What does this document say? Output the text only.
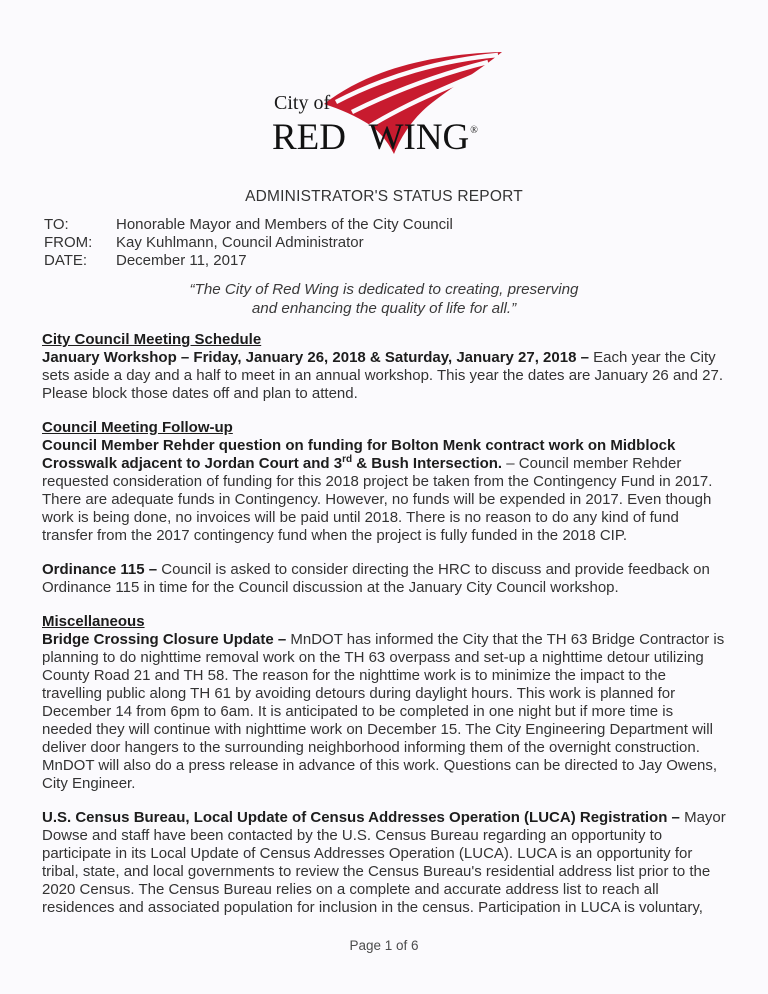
City of
RED WING®
ADMINISTRATOR'S STATUS REPORT
TO:	Honorable Mayor and Members of the City Council
FROM:	Kay Kuhlmann, Council Administrator
DATE:	December 11, 2017
“The City of Red Wing is dedicated to creating, preserving
and enhancing the quality of life for all.”
City Council Meeting Schedule

January Workshop – Friday, January 26, 2018 & Saturday, January 27, 2018 – Each year the City sets aside a day and a half to meet in an annual workshop. This year the dates are January 26 and 27. Please block those dates off and plan to attend.

Council Meeting Follow-up

Council Member Rehder question on funding for Bolton Menk contract work on Midblock Crosswalk adjacent to Jordan Court and 3rd & Bush Intersection. – Council member Rehder requested consideration of funding for this 2018 project be taken from the Contingency Fund in 2017. There are adequate funds in Contingency. However, no funds will be expended in 2017. Even though work is being done, no invoices will be paid until 2018. There is no reason to do any kind of fund transfer from the 2017 contingency fund when the project is fully funded in the 2018 CIP.

Ordinance 115 – Council is asked to consider directing the HRC to discuss and provide feedback on Ordinance 115 in time for the Council discussion at the January City Council workshop.

Miscellaneous

Bridge Crossing Closure Update – MnDOT has informed the City that the TH 63 Bridge Contractor is planning to do nighttime removal work on the TH 63 overpass and set-up a nighttime detour utilizing County Road 21 and TH 58. The reason for the nighttime work is to minimize the impact to the travelling public along TH 61 by avoiding detours during daylight hours. This work is planned for December 14 from 6pm to 6am. It is anticipated to be completed in one night but if more time is needed they will continue with nighttime work on December 15. The City Engineering Department will deliver door hangers to the surrounding neighborhood informing them of the overnight construction. MnDOT will also do a press release in advance of this work. Questions can be directed to Jay Owens, City Engineer.

U.S. Census Bureau, Local Update of Census Addresses Operation (LUCA) Registration – Mayor Dowse and staff have been contacted by the U.S. Census Bureau regarding an opportunity to participate in its Local Update of Census Addresses Operation (LUCA). LUCA is an opportunity for tribal, state, and local governments to review the Census Bureau's residential address list prior to the 2020 Census. The Census Bureau relies on a complete and accurate address list to reach all residences and associated population for inclusion in the census. Participation in LUCA is voluntary,

Page 1 of 6
